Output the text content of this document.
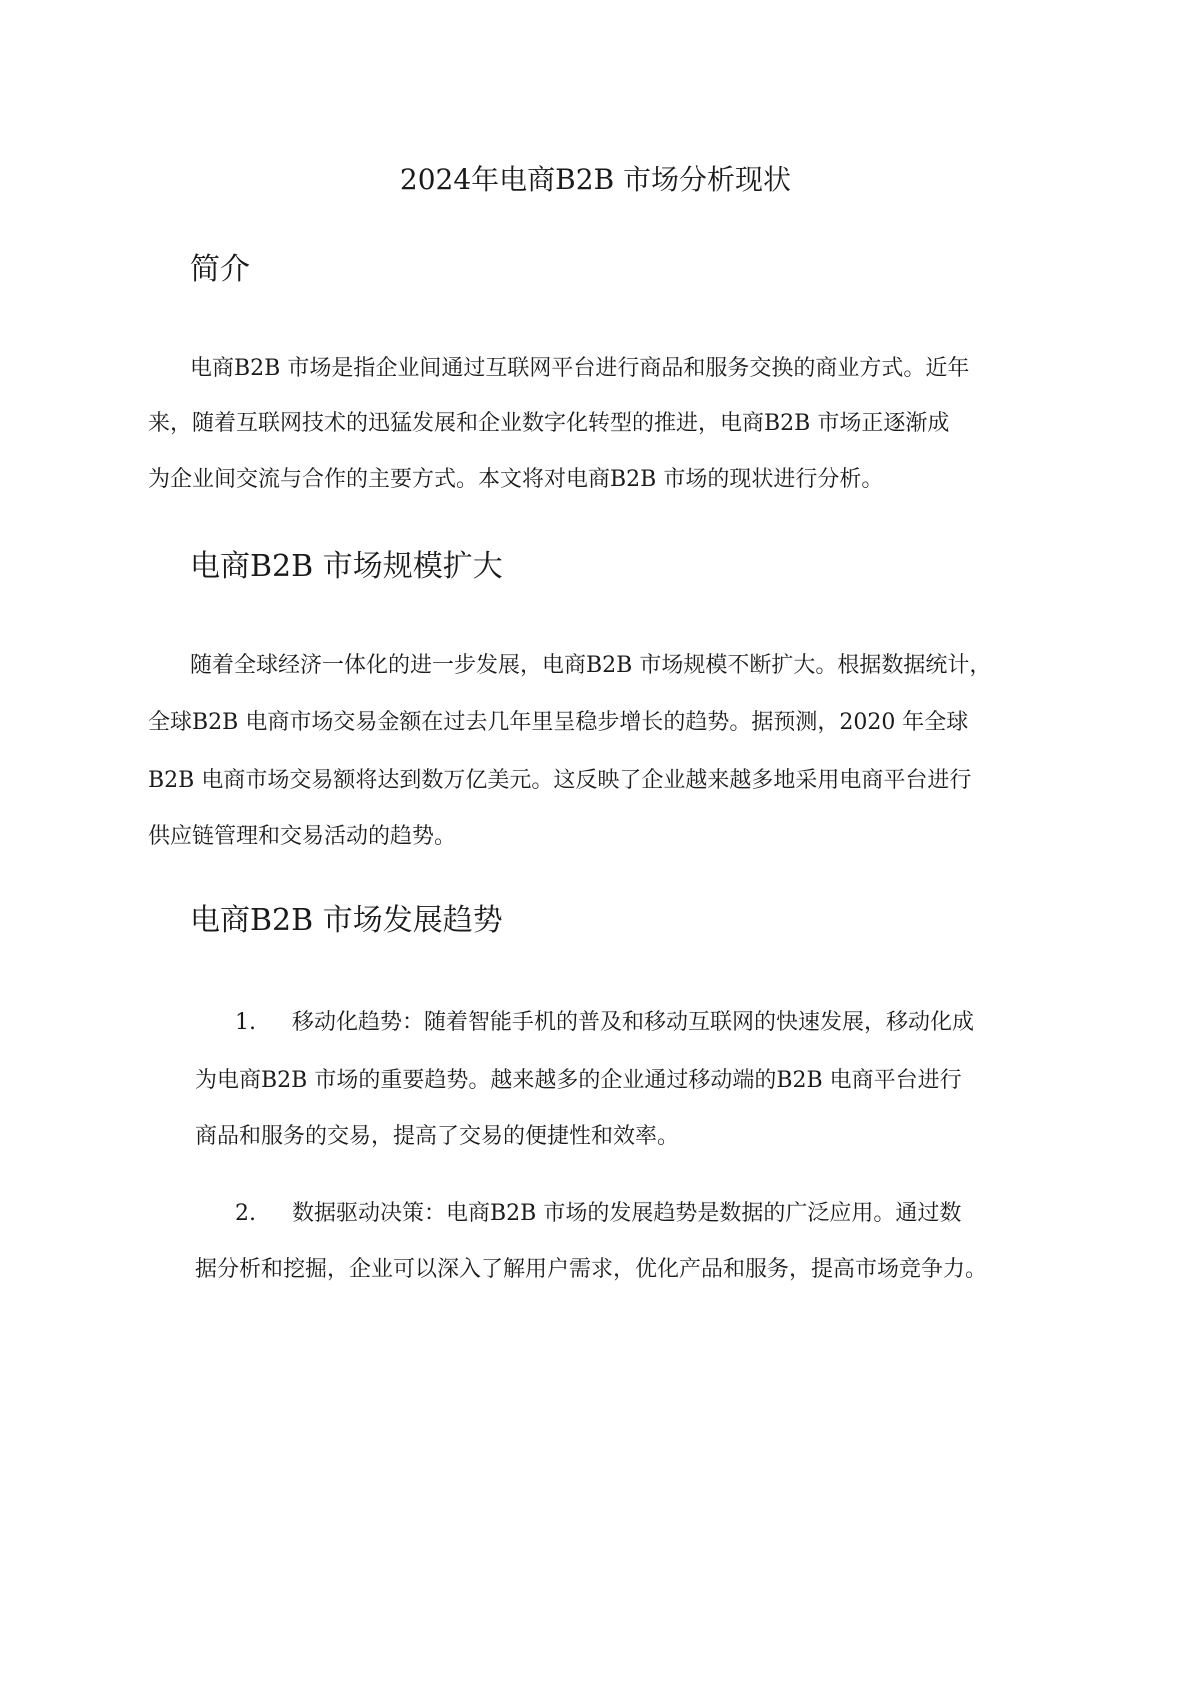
2024年电商B2B 市场分析现状
简介

电商B2B 市场是指企业间通过互联网平台进行商品和服务交换的商业方式。近年

来，随着互联网技术的迅猛发展和企业数字化转型的推进，电商B2B 市场正逐渐成

为企业间交流与合作的主要方式。本文将对电商B2B 市场的现状进行分析。

电商B2B 市场规模扩大

随着全球经济一体化的进一步发展，电商B2B 市场规模不断扩大。根据数据统计，

全球B2B 电商市场交易金额在过去几年里呈稳步增长的趋势。据预测，2020 年全球

B2B 电商市场交易额将达到数万亿美元。这反映了企业越来越多地采用电商平台进行

供应链管理和交易活动的趋势。

电商B2B 市场发展趋势
1. 移动化趋势：随着智能手机的普及和移动互联网的快速发展，移动化成

为电商B2B 市场的重要趋势。越来越多的企业通过移动端的B2B 电商平台进行

商品和服务的交易，提高了交易的便捷性和效率。

2. 数据驱动决策：电商B2B 市场的发展趋势是数据的广泛应用。通过数

据分析和挖掘，企业可以深入了解用户需求，优化产品和服务，提高市场竞争力。
